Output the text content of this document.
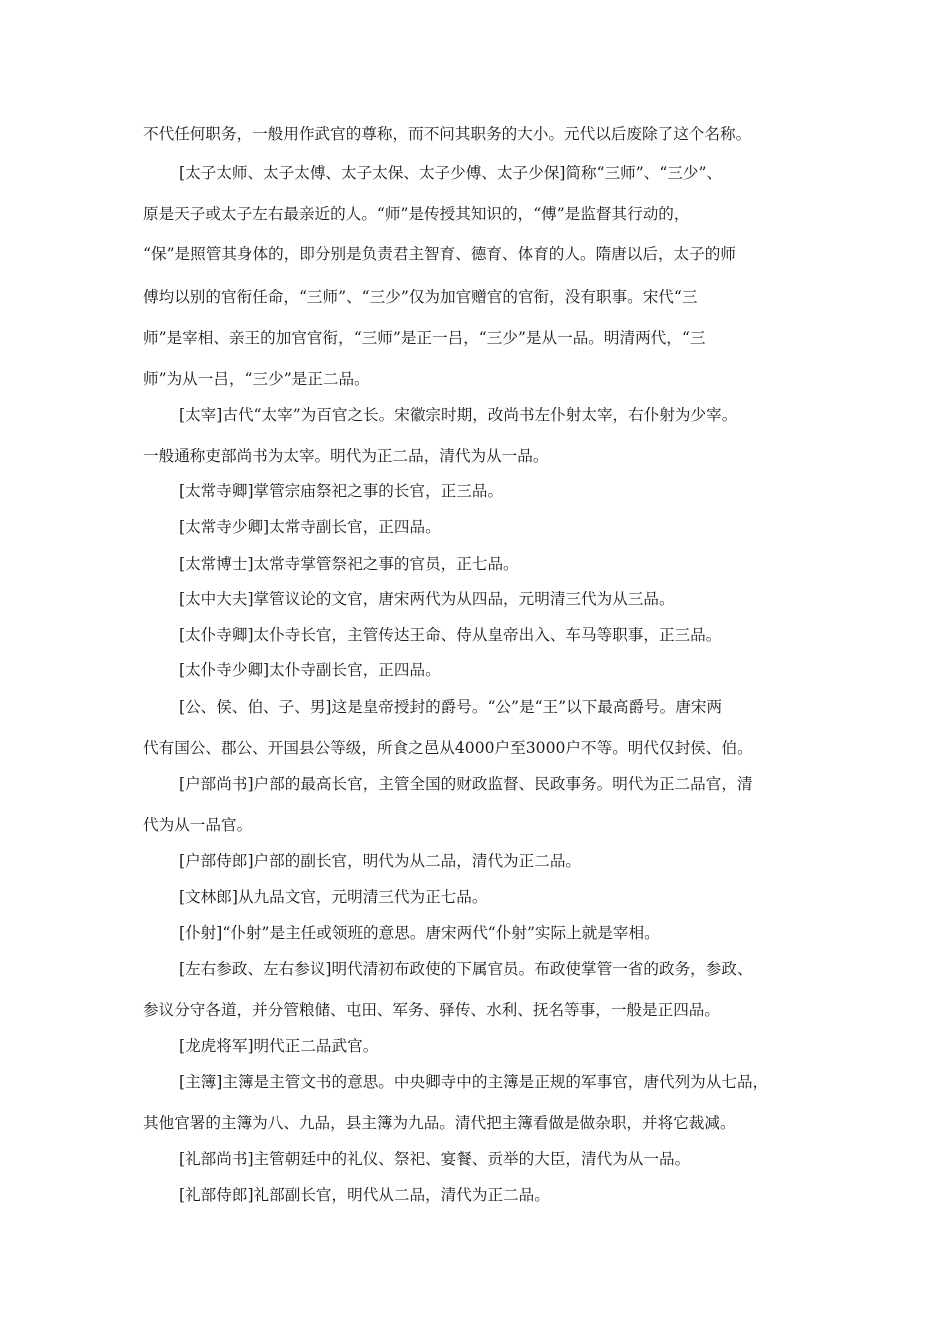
不代任何职务，一般用作武官的尊称，而不问其职务的大小。元代以后废除了这个名称。
[太子太师、太子太傅、太子太保、太子少傅、太子少保]简称“三师”、“三少”、
原是天子或太子左右最亲近的人。“师”是传授其知识的，“傅”是监督其行动的，
“保”是照管其身体的，即分别是负责君主智育、德育、体育的人。隋唐以后，太子的师
傅均以别的官衔任命，“三师”、“三少”仅为加官赠官的官衔，没有职事。宋代“三
师”是宰相、亲王的加官官衔，“三师”是正一吕，“三少”是从一品。明清两代，“三
师”为从一吕，“三少”是正二品。
[太宰]古代“太宰”为百官之长。宋徽宗时期，改尚书左仆射太宰，右仆射为少宰。
一般通称吏部尚书为太宰。明代为正二品，清代为从一品。
[太常寺卿]掌管宗庙祭祀之事的长官，正三品。
[太常寺少卿]太常寺副长官，正四品。
[太常博士]太常寺掌管祭祀之事的官员，正七品。
[太中大夫]掌管议论的文官，唐宋两代为从四品，元明清三代为从三品。
[太仆寺卿]太仆寺长官，主管传达王命、侍从皇帝出入、车马等职事，正三品。
[太仆寺少卿]太仆寺副长官，正四品。
[公、侯、伯、子、男]这是皇帝授封的爵号。“公”是“王”以下最高爵号。唐宋两
代有国公、郡公、开国县公等级，所食之邑从4000户至3000户不等。明代仅封侯、伯。
[户部尚书]户部的最高长官，主管全国的财政监督、民政事务。明代为正二品官，清
代为从一品官。
[户部侍郎]户部的副长官，明代为从二品，清代为正二品。
[文林郎]从九品文官，元明清三代为正七品。
[仆射]“仆射”是主任或领班的意思。唐宋两代“仆射”实际上就是宰相。
[左右参政、左右参议]明代清初布政使的下属官员。布政使掌管一省的政务，参政、
参议分守各道，并分管粮储、屯田、军务、驿传、水利、抚名等事，一般是正四品。
[龙虎将军]明代正二品武官。
[主簿]主簿是主管文书的意思。中央卿寺中的主簿是正规的军事官，唐代列为从七品，
其他官署的主簿为八、九品，县主簿为九品。清代把主簿看做是做杂职，并将它裁减。
[礼部尚书]主管朝廷中的礼仪、祭祀、宴餐、贡举的大臣，清代为从一品。
[礼部侍郎]礼部副长官，明代从二品，清代为正二品。
